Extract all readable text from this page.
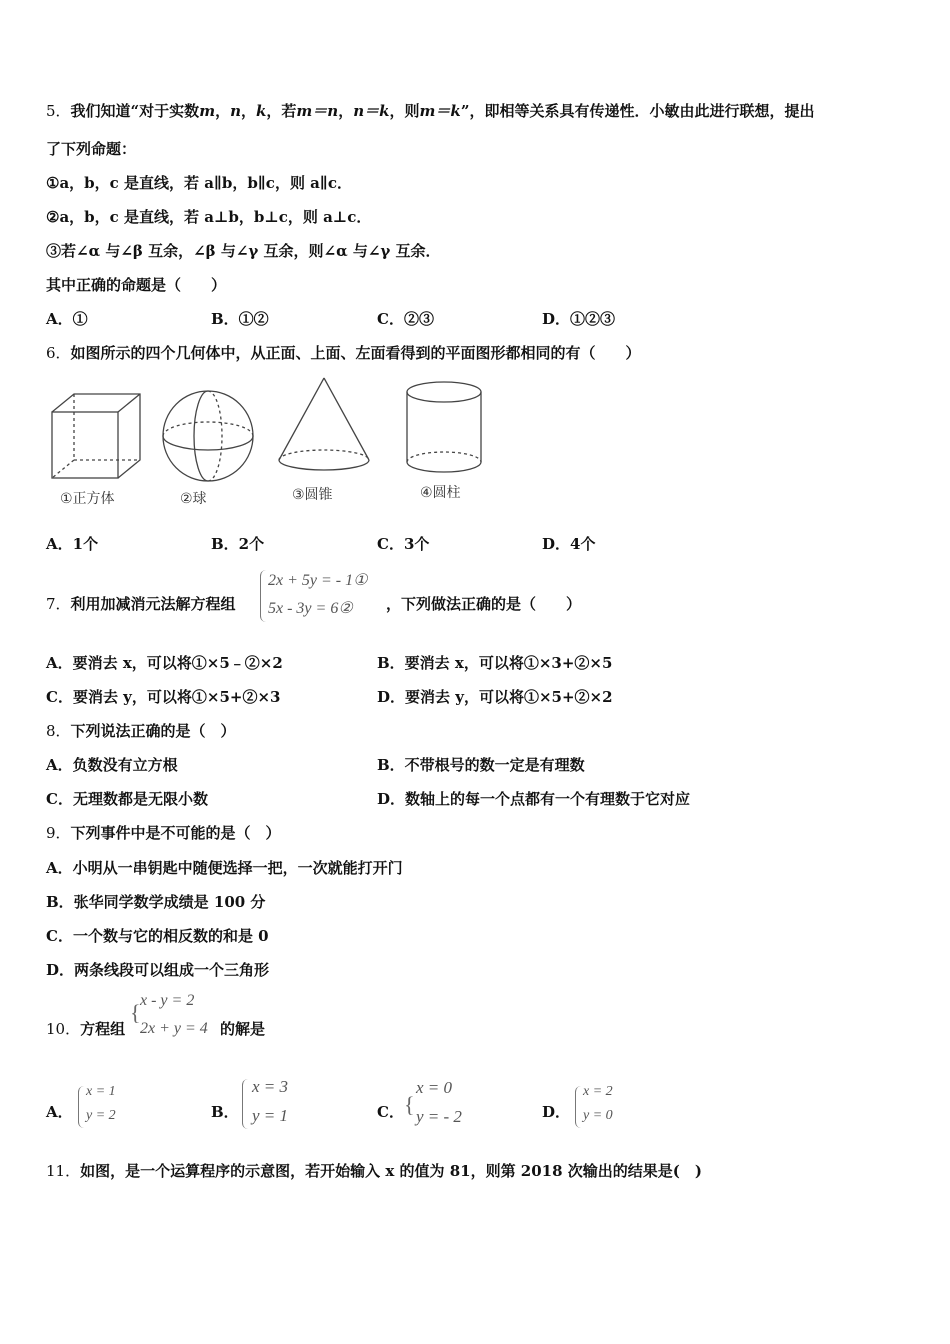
5．我们知道“对于实数m，n，k，若m＝n，n＝k，则m＝k”，即相等关系具有传递性．小敏由此进行联想，提出
了下列命题：
①a，b，c 是直线，若 a∥b，b∥c，则 a∥c．
②a，b，c 是直线，若 a⊥b，b⊥c，则 a⊥c．
③若∠α 与∠β 互余，∠β 与∠γ 互余，则∠α 与∠γ 互余．
其中正确的命题是（　　）
A．①	B．①②	C．②③	D．①②③
6．如图所示的四个几何体中，从正面、上面、左面看得到的平面图形都相同的有（　　）
①正方体	②球	③圆锥	④圆柱
A．1个	B．2个	C．3个	D．4个
7．利用加减消元法解方程组
2x + 5y = - 1①
5x - 3y = 6② ，下列做法正确的是（　　）
A．要消去 x，可以将①×5﹣②×2	B．要消去 x，可以将①×3+②×5
C．要消去 y，可以将①×5+②×3	D．要消去 y，可以将①×5+②×2
8．下列说法正确的是（　）
A．负数没有立方根	B．不带根号的数一定是有理数
C．无理数都是无限小数	D．数轴上的每一个点都有一个有理数于它对应
9．下列事件中是不可能的是（　）
A．小明从一串钥匙中随便选择一把，一次就能打开门
B．张华同学数学成绩是 100 分
C．一个数与它的相反数的和是 0
D．两条线段可以组成一个三角形
10．方程组
{ x - y = 2
2x + y = 4 的解是
A．
x = 1
y = 2	B．
x = 3
y = 1	C． {
x = 0
y = - 2	D．
x = 2
y = 0
11．如图，是一个运算程序的示意图，若开始输入 x 的值为 81，则第 2018 次输出的结果是(　)
